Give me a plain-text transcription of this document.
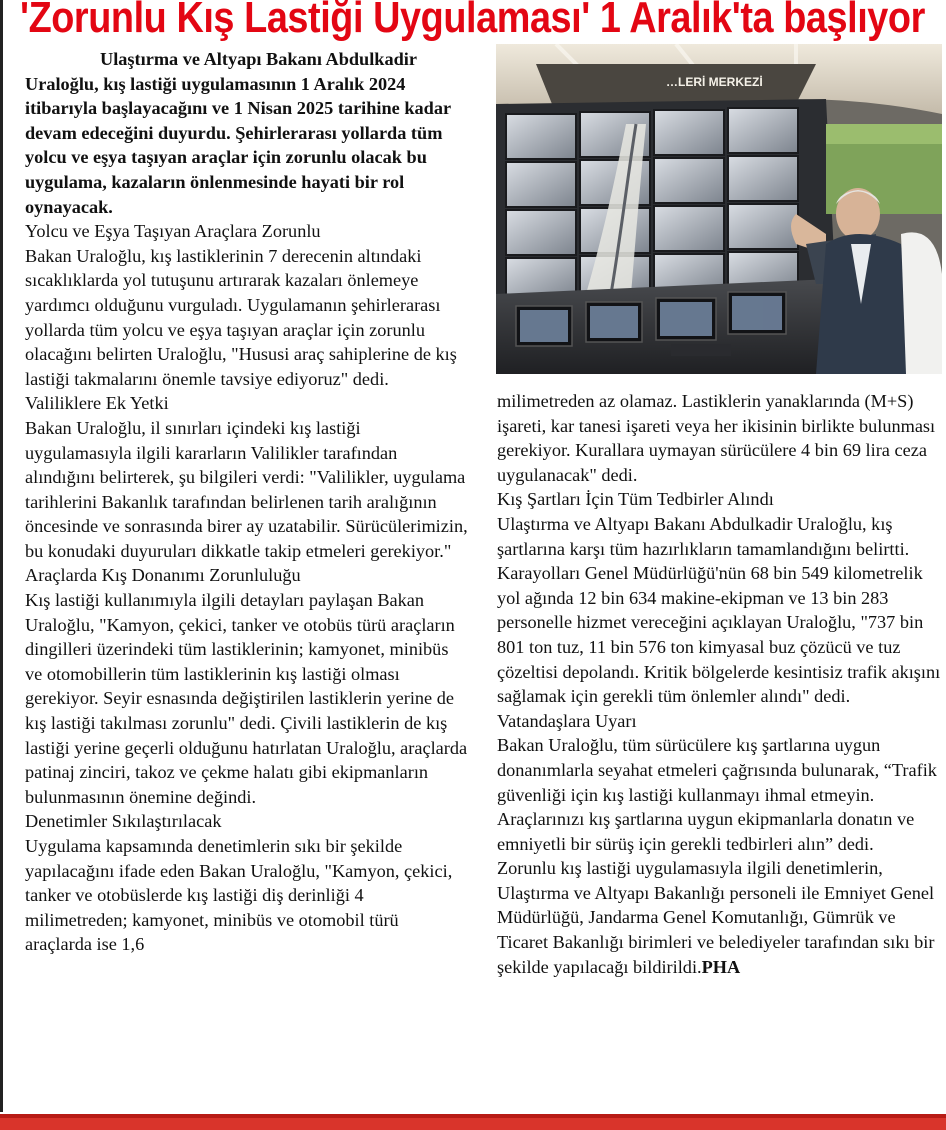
'Zorunlu Kış Lastiği Uygulaması' 1 Aralık'ta başlıyor

Ulaştırma ve Altyapı Bakanı Abdulkadir Uraloğlu, kış lastiği uygulamasının 1 Aralık 2024 itibarıyla başlayacağını ve 1 Nisan 2025 tarihine kadar devam edeceğini duyurdu. Şehirlerarası yollarda tüm yolcu ve eşya taşıyan araçlar için zorunlu olacak bu uygulama, kazaların önlenmesinde hayati bir rol oynayacak.

Yolcu ve Eşya Taşıyan Araçlara Zorunlu

Bakan Uraloğlu, kış lastiklerinin 7 derecenin altındaki sıcaklıklarda yol tutuşunu artırarak kazaları önlemeye yardımcı olduğunu vurguladı. Uygulamanın şehirlerarası yollarda tüm yolcu ve eşya taşıyan araçlar için zorunlu olacağını belirten Uraloğlu, "Hususi araç sahiplerine de kış lastiği takmalarını önemle tavsiye ediyoruz" dedi.

Valiliklere Ek Yetki

Bakan Uraloğlu, il sınırları içindeki kış lastiği uygulamasıyla ilgili kararların Valilikler tarafından alındığını belirterek, şu bilgileri verdi: "Valilikler, uygulama tarihlerini Bakanlık tarafından belirlenen tarih aralığının öncesinde ve sonrasında birer ay uzatabilir. Sürücülerimizin, bu konudaki duyuruları dikkatle takip etmeleri gerekiyor."

Araçlarda Kış Donanımı Zorunluluğu

Kış lastiği kullanımıyla ilgili detayları paylaşan Bakan Uraloğlu, "Kamyon, çekici, tanker ve otobüs türü araçların dingilleri üzerindeki tüm lastiklerinin; kamyonet, minibüs ve otomobillerin tüm lastiklerinin kış lastiği olması gerekiyor. Seyir esnasında değiştirilen lastiklerin yerine de kış lastiği takılması zorunlu" dedi. Çivili lastiklerin de kış lastiği yerine geçerli olduğunu hatırlatan Uraloğlu, araçlarda patinaj zinciri, takoz ve çekme halatı gibi ekipmanların bulunmasının önemine değindi.

Denetimler Sıkılaştırılacak

Uygulama kapsamında denetimlerin sıkı bir şekilde yapılacağını ifade eden Bakan Uraloğlu, "Kamyon, çekici, tanker ve otobüslerde kış lastiği diş derinliği 4 milimetreden; kamyonet, minibüs ve otomobil türü araçlarda ise 1,6

…LERİ MERKEZİ

milimetreden az olamaz. Lastiklerin yanaklarında (M+S) işareti, kar tanesi işareti veya her ikisinin birlikte bulunması gerekiyor. Kurallara uymayan sürücülere 4 bin 69 lira ceza uygulanacak" dedi.

Kış Şartları İçin Tüm Tedbirler Alındı

Ulaştırma ve Altyapı Bakanı Abdulkadir Uraloğlu, kış şartlarına karşı tüm hazırlıkların tamamlandığını belirtti. Karayolları Genel Müdürlüğü'nün 68 bin 549 kilometrelik yol ağında 12 bin 634 makine-ekipman ve 13 bin 283 personelle hizmet vereceğini açıklayan Uraloğlu, "737 bin 801 ton tuz, 11 bin 576 ton kimyasal buz çözücü ve tuz çözeltisi depolandı. Kritik bölgelerde kesintisiz trafik akışını sağlamak için gerekli tüm önlemler alındı" dedi.

Vatandaşlara Uyarı

Bakan Uraloğlu, tüm sürücülere kış şartlarına uygun donanımlarla seyahat etmeleri çağrısında bulunarak, “Trafik güvenliği için kış lastiği kullanmayı ihmal etmeyin. Araçlarınızı kış şartlarına uygun ekipmanlarla donatın ve emniyetli bir sürüş için gerekli tedbirleri alın” dedi.

Zorunlu kış lastiği uygulamasıyla ilgili denetimlerin, Ulaştırma ve Altyapı Bakanlığı personeli ile Emniyet Genel Müdürlüğü, Jandarma Genel Komutanlığı, Gümrük ve Ticaret Bakanlığı birimleri ve belediyeler tarafından sıkı bir şekilde yapılacağı bildirildi.PHA
